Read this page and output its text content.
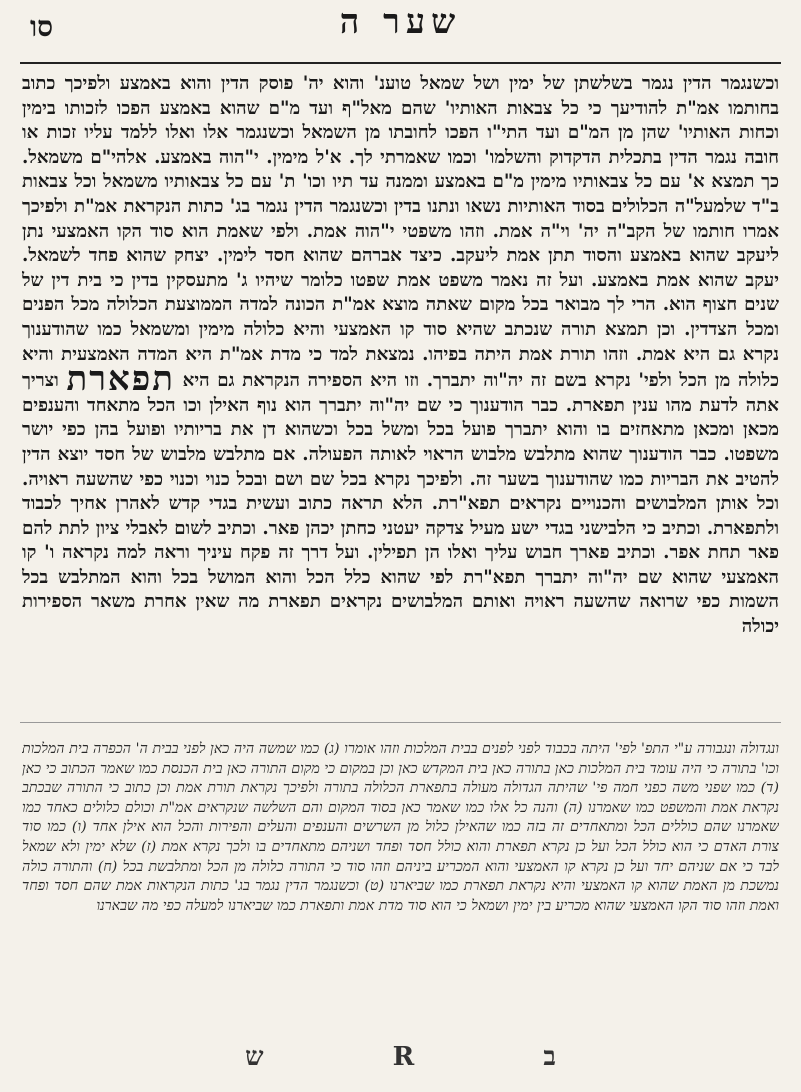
שער ה
סו

וכשנגמר הדין נגמר בשלשתן של ימין ושל שמאל טוענ' והוא יה' פוסק הדין והוא באמצע ולפיכך כתוב בחותמו אמ"ת להודיעך כי כל צבאות האותיו' שהם מאל"ף ועד מ"ם שהוא באמצע הפכו לזכותו בימין וכחות האותיו' שהן מן המ"ם ועד התי"ו הפכו לחובתו מן השמאל וכשנגמר אלו ואלו ללמד עליו זכות או חובה נגמר הדין בתכלית הדקדוק והשלמו' וכמו שאמרתי לך. א'ל מימין. י"הוה באמצע. אלהי"ם משמאל. כך תמצא א' עם כל צבאותיו מימין מ"ם באמצע וממנה עד תיו וכו' ת' עם כל צבאותיו משמאל וכל צבאות ב"ד שלמעל"ה הכלולים בסוד האותיות נשאו ונתנו בדין וכשנגמר הדין נגמר בג' כתות הנקראת אמ"ת ולפיכך אמרו חותמו של הקב"ה יה' וי"ה אמת. וזהו משפטי י"הוה אמת. ולפי שאמת הוא סוד הקו האמצעי נתן ליעקב שהוא באמצע והסוד תתן אמת ליעקב. כיצד אברהם שהוא חסד לימין. יצחק שהוא פחד לשמאל. יעקב שהוא אמת באמצע. ועל זה נאמר משפט אמת שפטו כלומר שיהיו ג' מתעסקין בדין כי בית דין של שנים חצוף הוא. הרי לך מבואר בכל מקום שאתה מוצא אמ"ת הכונה למדה הממוצעת הכלולה מכל הפנים ומכל הצדדין. וכן תמצא תורה שנכתב שהיא סוד קו האמצעי והיא כלולה מימין ומשמאל כמו שהודענוך נקרא גם היא אמת. וזהו תורת אמת היתה בפיהו. נמצאת למד כי מדת אמ"ת היא המדה האמצעית והיא כלולה מן הכל ולפי' נקרא בשם זה יה"וה יתברך. וזו היא הספירה הנקראת גם היא תפארת וצריך אתה לדעת מהו ענין תפארת. כבר הודענוך כי שם יה"וה יתברך הוא נוף האילן וכו הכל מתאחד והענפים מכאן ומכאן מתאחזים בו והוא יתברך פועל בכל ומשל בכל וכשהוא דן את בריותיו ופועל בהן כפי יושר משפטו. כבר הודענוך שהוא מתלבש מלבוש הראוי לאותה הפעולה. אם מתלבש מלבוש של חסד יוצא הדין להטיב את הבריות כמו שהודענוך בשער זה. ולפיכך נקרא בכל שם ושם ובכל כנוי וכנוי כפי שהשעה ראויה. וכל אותן המלבושים והכנויים נקראים תפא"רת. הלא תראה כתוב ועשית בגדי קדש לאהרן אחיך לכבוד ולתפארת. וכתיב כי הלבישני בגדי ישע מעיל צדקה יעטני כחתן יכהן פאר. וכתיב לשום לאבלי ציון לתת להם פאר תחת אפר. וכתיב פארך חבוש עליך ואלו הן תפילין. ועל דרך זה פקח עיניך וראה למה נקראה ו' קו האמצעי שהוא שם יה"וה יתברך תפא"רת לפי שהוא כלל הכל והוא המושל בכל והוא המתלבש בכל השמות כפי שרואה שהשעה ראויה ואותם המלבושים נקראים תפארת מה שאין אחרת משאר הספירות יכולה

ונגדולה ונגבורה ע"י התפ' לפי' היתה בכבוד לפני לפנים בבית המלכות וזהו אומרו (ג) כמו שמשה היה כאן לפני בבית ה' הכפרה בית המלכות וכו' בתורה כי היה עומד בית המלכות כאן בתורה כאן בית המקדש כאן וכן במקום כי מקום התורה כאן בית הכנסת כמו שאמר הכתוב כי כאן (ד) כמו שפני משה כפני חמה פי' שהיתה הגדולה מעולה בתפארת הכלולה בתורה ולפיכך נקראת תורת אמת וכן כתוב כי התורה שבכתב נקראת אמת והמשפט כמו שאמרנו (ה) והנה כל אלו כמו שאמר כאן בסוד המקום והם השלשה שנקראים אמ"ת וכולם כלולים כאחד כמו שאמרנו שהם כוללים הכל ומתאחדים זה בזה כמו שהאילן כלול מן השרשים והענפים והעלים והפירות והכל הוא אילן אחד (ו) כמו סוד צורת האדם כי הוא כולל הכל ועל כן נקרא תפארת והוא כולל חסד ופחד ושניהם מתאחדים בו ולכך נקרא אמת (ז) שלא ימין ולא שמאל לבד כי אם שניהם יחד ועל כן נקרא קו האמצעי והוא המכריע ביניהם וזהו סוד כי התורה כלולה מן הכל ומתלבשת בכל (ח) והתורה כולה נמשכת מן האמת שהוא קו האמצעי והיא נקראת תפארת כמו שביארנו (ט) וכשנגמר הדין נגמר בג' כתות הנקראות אמת שהם חסד ופחד ואמת וזהו סוד הקו האמצעי שהוא מכריע בין ימין ושמאל כי הוא סוד מדת אמת ותפארת כמו שביארנו למעלה כפי מה שבארנו

ש	R	ב
